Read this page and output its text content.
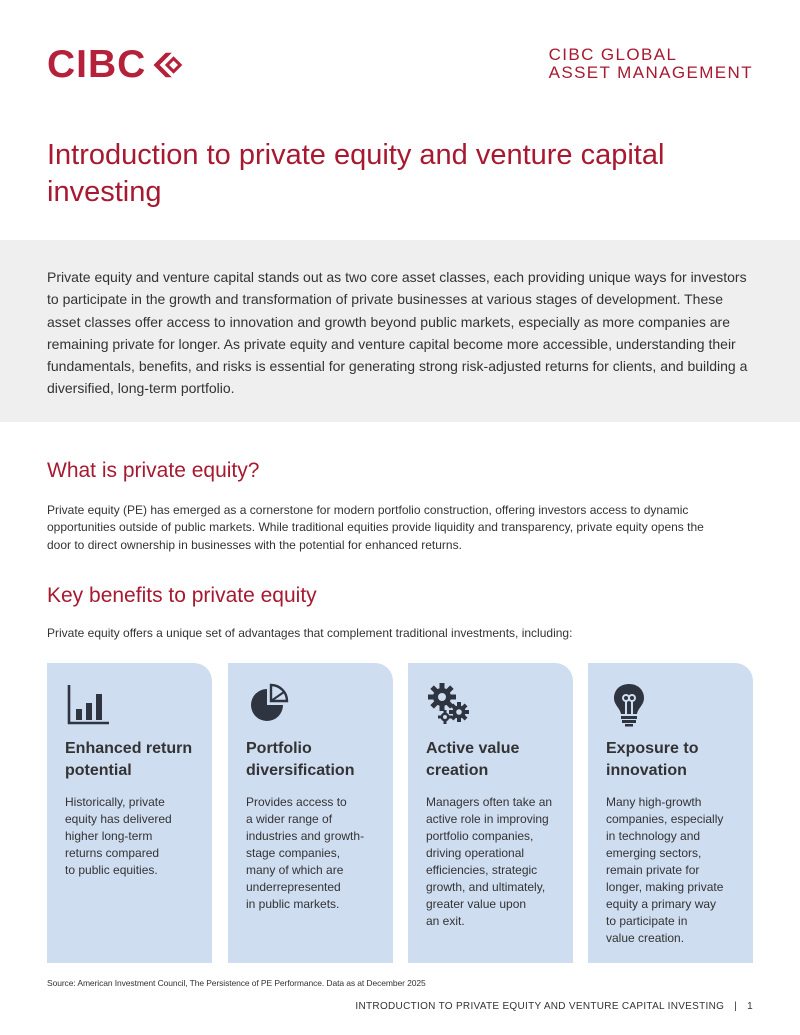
CIBC	CIBC GLOBAL
ASSET MANAGEMENT
Introduction to private equity and venture capital investing

Private equity and venture capital stands out as two core asset classes, each providing unique ways for investors to participate in the growth and transformation of private businesses at various stages of development. These asset classes offer access to innovation and growth beyond public markets, especially as more companies are remaining private for longer. As private equity and venture capital become more accessible, understanding their fundamentals, benefits, and risks is essential for generating strong risk-adjusted returns for clients, and building a diversified, long-term portfolio.

What is private equity?

Private equity (PE) has emerged as a cornerstone for modern portfolio construction, offering investors access to dynamic opportunities outside of public markets. While traditional equities provide liquidity and transparency, private equity opens the door to direct ownership in businesses with the potential for enhanced returns.

Key benefits to private equity

Private equity offers a unique set of advantages that complement traditional investments, including:

Enhanced return potential

Historically, private
equity has delivered
higher long-term
returns compared
to public equities.

Portfolio diversification

Provides access to
a wider range of
industries and growth-
stage companies,
many of which are
underrepresented
in public markets.

Active value creation

Managers often take an
active role in improving
portfolio companies,
driving operational
efficiencies, strategic
growth, and ultimately,
greater value upon
an exit.

Exposure to innovation

Many high-growth
companies, especially
in technology and
emerging sectors,
remain private for
longer, making private
equity a primary way
to participate in
value creation.

Source: American Investment Council, The Persistence of PE Performance. Data as at December 2025
INTRODUCTION TO PRIVATE EQUITY AND VENTURE CAPITAL INVESTING | 1
